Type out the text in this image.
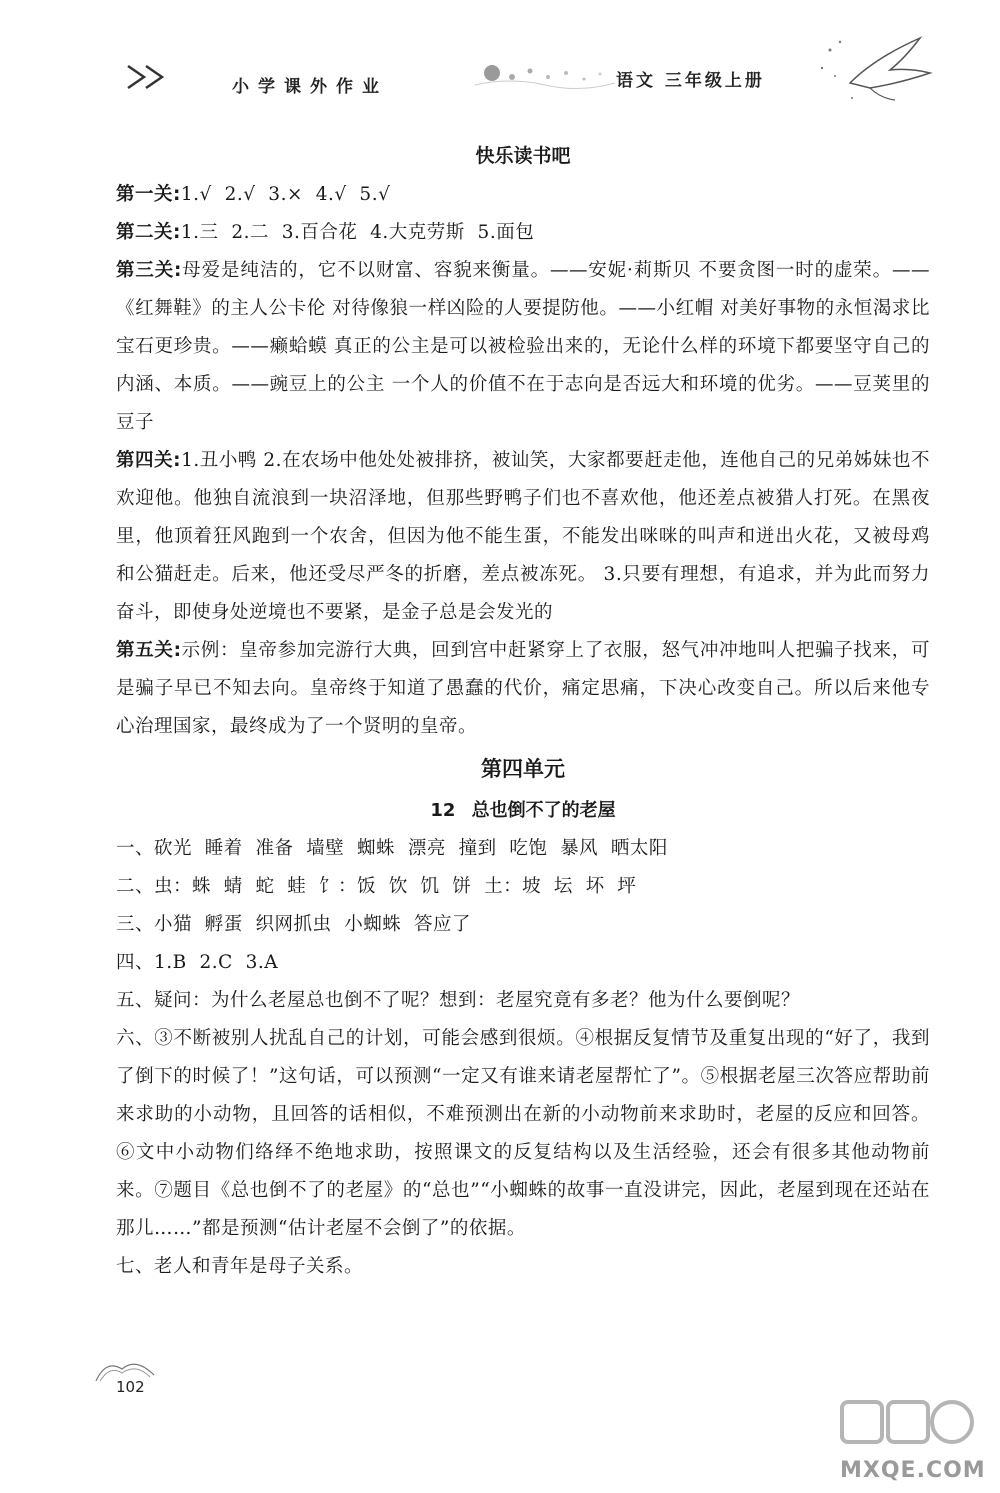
小学课外作业	语文 三年级上册
快乐读书吧

第一关:1.√  2.√  3.×  4.√  5.√

第二关:1.三  2.二  3.百合花  4.大克劳斯  5.面包

第三关:母爱是纯洁的，它不以财富、容貌来衡量。——安妮·莉斯贝 不要贪图一时的虚荣。——《红舞鞋》的主人公卡伦 对待像狼一样凶险的人要提防他。——小红帽 对美好事物的永恒渴求比宝石更珍贵。——癞蛤蟆 真正的公主是可以被检验出来的，无论什么样的环境下都要坚守自己的内涵、本质。——豌豆上的公主 一个人的价值不在于志向是否远大和环境的优劣。——豆荚里的豆子

第四关:1.丑小鸭 2.在农场中他处处被排挤，被讪笑，大家都要赶走他，连他自己的兄弟姊妹也不欢迎他。他独自流浪到一块沼泽地，但那些野鸭子们也不喜欢他，他还差点被猎人打死。在黑夜里，他顶着狂风跑到一个农舍，但因为他不能生蛋，不能发出咪咪的叫声和迸出火花，又被母鸡和公猫赶走。后来，他还受尽严冬的折磨，差点被冻死。 3.只要有理想，有追求，并为此而努力奋斗，即使身处逆境也不要紧，是金子总是会发光的

第五关:示例：皇帝参加完游行大典，回到宫中赶紧穿上了衣服，怒气冲冲地叫人把骗子找来，可是骗子早已不知去向。皇帝终于知道了愚蠢的代价，痛定思痛，下决心改变自己。所以后来他专心治理国家，最终成为了一个贤明的皇帝。

第四单元
12 总也倒不了的老屋

一、砍光  睡着  准备  墙壁  蜘蛛  漂亮  撞到  吃饱  暴风  晒太阳

二、虫：蛛  蜻  蛇  蛙  饣：饭  饮  饥  饼  土：坡  坛  坏  坪

三、小猫  孵蛋  织网抓虫  小蜘蛛  答应了

四、1.B  2.C  3.A

五、疑问：为什么老屋总也倒不了呢？想到：老屋究竟有多老？他为什么要倒呢？

六、③不断被别人扰乱自己的计划，可能会感到很烦。④根据反复情节及重复出现的“好了，我到了倒下的时候了！”这句话，可以预测“一定又有谁来请老屋帮忙了”。⑤根据老屋三次答应帮助前来求助的小动物，且回答的话相似，不难预测出在新的小动物前来求助时，老屋的反应和回答。⑥文中小动物们络绎不绝地求助，按照课文的反复结构以及生活经验，还会有很多其他动物前来。⑦题目《总也倒不了的老屋》的“总也”“小蜘蛛的故事一直没讲完，因此，老屋到现在还站在那儿……”都是预测“估计老屋不会倒了”的依据。

七、老人和青年是母子关系。

102
MXQE.COM
